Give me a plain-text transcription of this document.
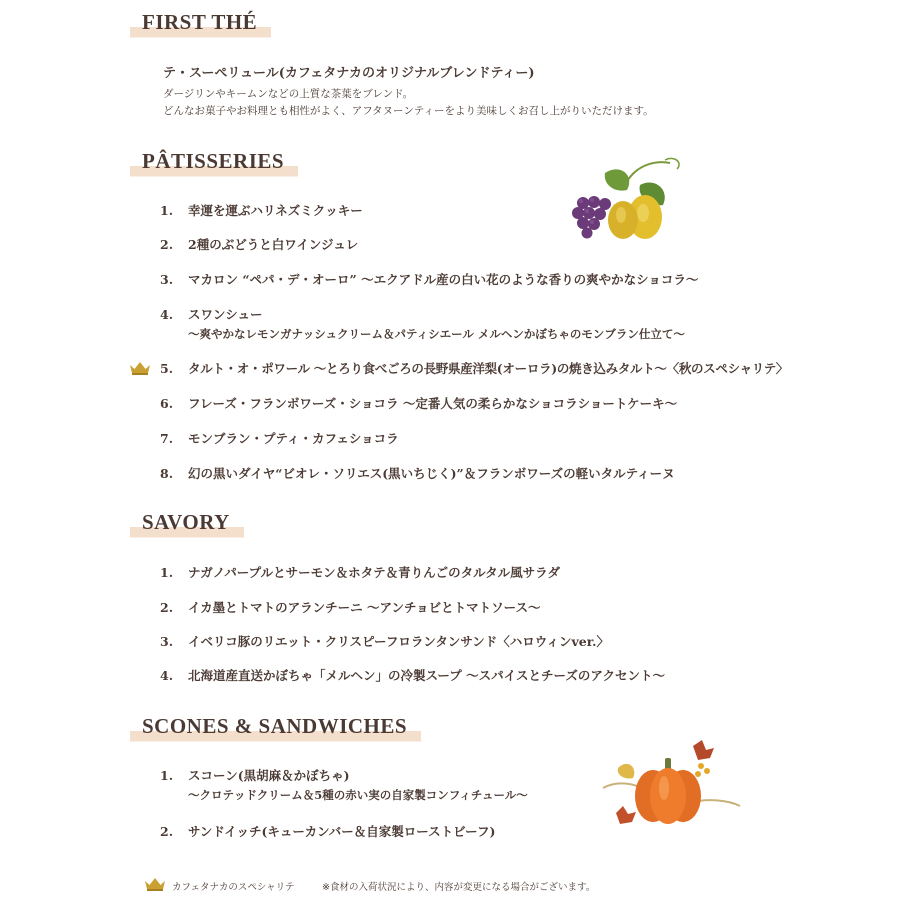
FIRST THÉ
テ・スーペリュール(カフェタナカのオリジナルブレンドティー)
ダージリンやキームンなどの上質な茶葉をブレンド。
どんなお菓子やお料理とも相性がよく、アフタヌーンティーをより美味しくお召し上がりいただけます。
PÂTISSERIES
1. 幸運を運ぶハリネズミクッキー
2. 2種のぶどうと白ワインジュレ
3. マカロン “ペパ・デ・オーロ” ～エクアドル産の白い花のような香りの爽やかなショコラ～
4. スワンシュー
～爽やかなレモンガナッシュクリーム＆パティシエール メルヘンかぼちゃのモンブラン仕立て～
5. タルト・オ・ポワール ～とろり食べごろの長野県産洋梨(オーロラ)の焼き込みタルト～〈秋のスペシャリテ〉
6. フレーズ・フランボワーズ・ショコラ ～定番人気の柔らかなショコラショートケーキ～
7. モンブラン・プティ・カフェショコラ
8. 幻の黒いダイヤ“ビオレ・ソリエス(黒いちじく)”＆フランボワーズの軽いタルティーヌ
SAVORY
1. ナガノパープルとサーモン＆ホタテ＆青りんごのタルタル風サラダ
2. イカ墨とトマトのアランチーニ ～アンチョビとトマトソース～
3. イベリコ豚のリエット・クリスピーフロランタンサンド〈ハロウィンver.〉
4. 北海道産直送かぼちゃ「メルヘン」の冷製スープ ～スパイスとチーズのアクセント～
SCONES & SANDWICHES
1. スコーン(黒胡麻＆かぼちゃ)
～クロテッドクリーム＆5種の赤い実の自家製コンフィチュール～
2. サンドイッチ(キューカンバー＆自家製ローストビーフ)
カフェタナカのスペシャリテ	※食材の入荷状況により、内容が変更になる場合がございます。
